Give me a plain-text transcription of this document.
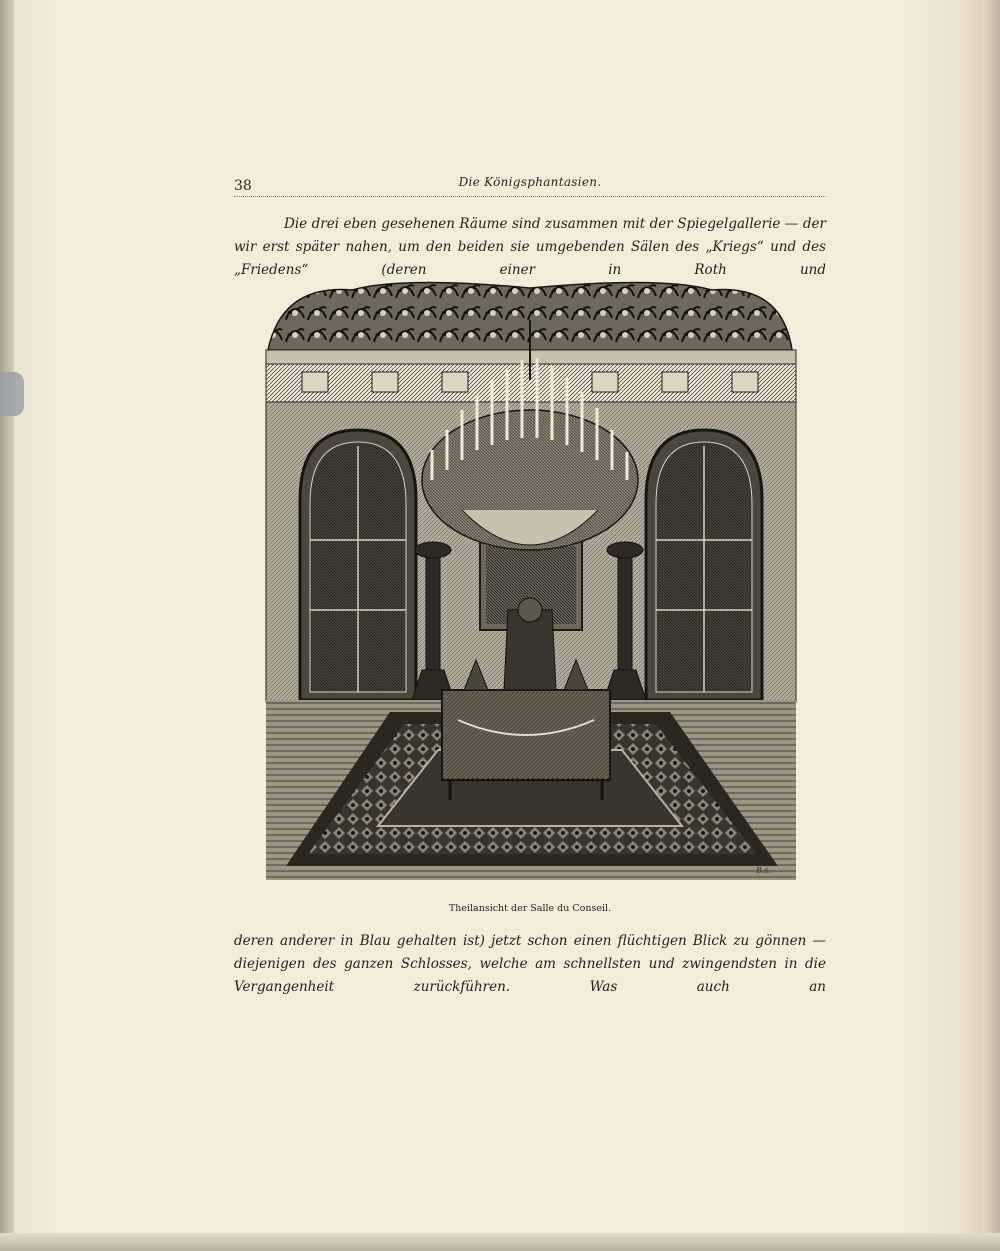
38	Die Königsphantasien.

Die drei eben gesehenen Räume sind zusammen mit der Spiegelgallerie — der wir erst später nahen, um den beiden sie umgebenden Sälen des „Kriegs“ und des „Friedens“ (deren einer in Roth und

B.s.
Theilansicht der Salle du Conseil.

deren anderer in Blau gehalten ist) jetzt schon einen flüchtigen Blick zu gönnen — diejenigen des ganzen Schlosses, welche am schnellsten und zwingendsten in die Vergangenheit zurückführen. Was auch an
